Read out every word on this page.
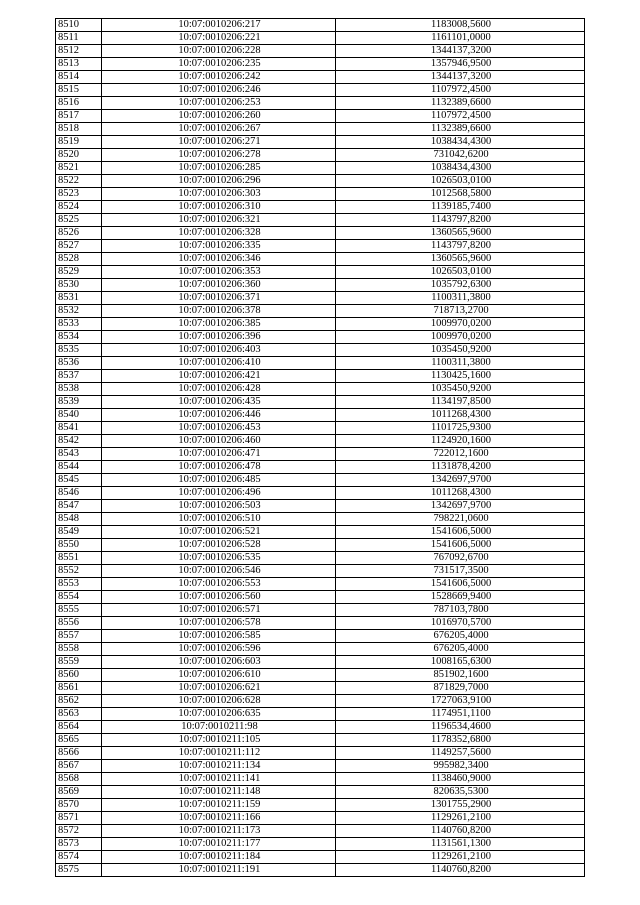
8510	10:07:0010206:217	1183008,5600
8511	10:07:0010206:221	1161101,0000
8512	10:07:0010206:228	1344137,3200
8513	10:07:0010206:235	1357946,9500
8514	10:07:0010206:242	1344137,3200
8515	10:07:0010206:246	1107972,4500
8516	10:07:0010206:253	1132389,6600
8517	10:07:0010206:260	1107972,4500
8518	10:07:0010206:267	1132389,6600
8519	10:07:0010206:271	1038434,4300
8520	10:07:0010206:278	731042,6200
8521	10:07:0010206:285	1038434,4300
8522	10:07:0010206:296	1026503,0100
8523	10:07:0010206:303	1012568,5800
8524	10:07:0010206:310	1139185,7400
8525	10:07:0010206:321	1143797,8200
8526	10:07:0010206:328	1360565,9600
8527	10:07:0010206:335	1143797,8200
8528	10:07:0010206:346	1360565,9600
8529	10:07:0010206:353	1026503,0100
8530	10:07:0010206:360	1035792,6300
8531	10:07:0010206:371	1100311,3800
8532	10:07:0010206:378	718713,2700
8533	10:07:0010206:385	1009970,0200
8534	10:07:0010206:396	1009970,0200
8535	10:07:0010206:403	1035450,9200
8536	10:07:0010206:410	1100311,3800
8537	10:07:0010206:421	1130425,1600
8538	10:07:0010206:428	1035450,9200
8539	10:07:0010206:435	1134197,8500
8540	10:07:0010206:446	1011268,4300
8541	10:07:0010206:453	1101725,9300
8542	10:07:0010206:460	1124920,1600
8543	10:07:0010206:471	722012,1600
8544	10:07:0010206:478	1131878,4200
8545	10:07:0010206:485	1342697,9700
8546	10:07:0010206:496	1011268,4300
8547	10:07:0010206:503	1342697,9700
8548	10:07:0010206:510	798221,0600
8549	10:07:0010206:521	1541606,5000
8550	10:07:0010206:528	1541606,5000
8551	10:07:0010206:535	767092,6700
8552	10:07:0010206:546	731517,3500
8553	10:07:0010206:553	1541606,5000
8554	10:07:0010206:560	1528669,9400
8555	10:07:0010206:571	787103,7800
8556	10:07:0010206:578	1016970,5700
8557	10:07:0010206:585	676205,4000
8558	10:07:0010206:596	676205,4000
8559	10:07:0010206:603	1008165,6300
8560	10:07:0010206:610	851902,1600
8561	10:07:0010206:621	871829,7000
8562	10:07:0010206:628	1727063,9100
8563	10:07:0010206:635	1174951,1100
8564	10:07:0010211:98	1196534,4600
8565	10:07:0010211:105	1178352,6800
8566	10:07:0010211:112	1149257,5600
8567	10:07:0010211:134	995982,3400
8568	10:07:0010211:141	1138460,9000
8569	10:07:0010211:148	820635,5300
8570	10:07:0010211:159	1301755,2900
8571	10:07:0010211:166	1129261,2100
8572	10:07:0010211:173	1140760,8200
8573	10:07:0010211:177	1131561,1300
8574	10:07:0010211:184	1129261,2100
8575	10:07:0010211:191	1140760,8200
